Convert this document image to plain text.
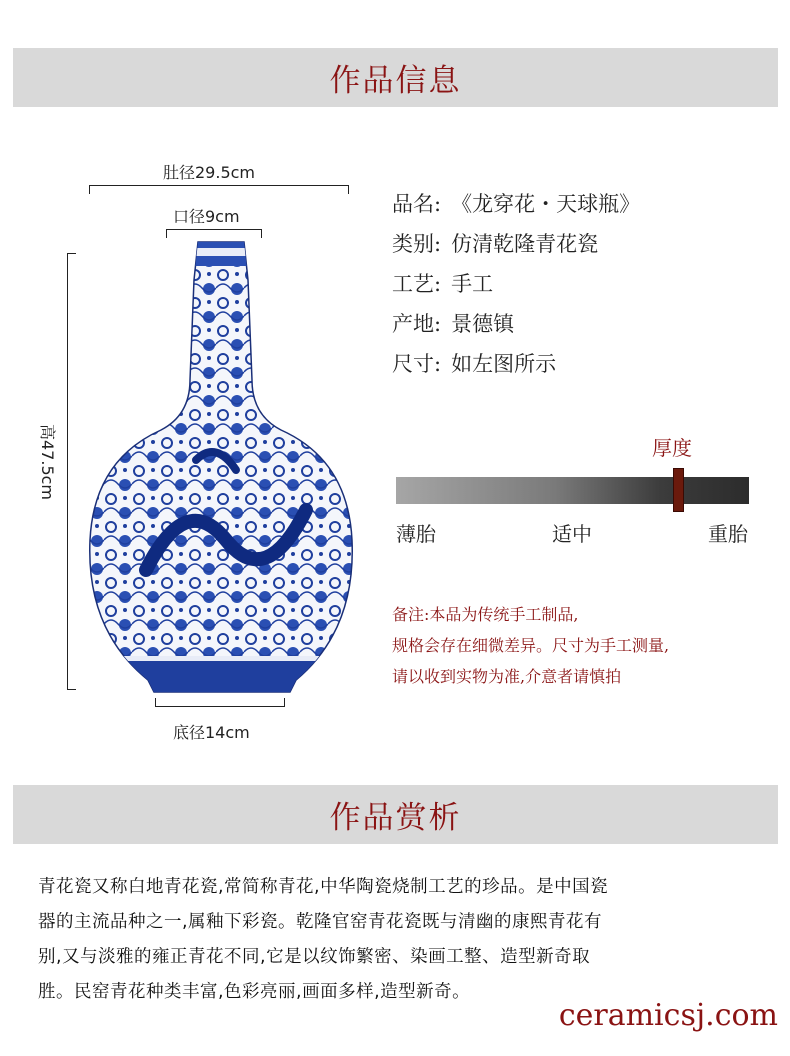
作品信息
肚径29.5cm
口径9cm
高47.5cm
底径14cm
品名: 《龙穿花・天球瓶》
类别: 仿清乾隆青花瓷
工艺: 手工
产地: 景德镇
尺寸: 如左图所示
厚度
薄胎	适中	重胎
备注:本品为传统手工制品,
规格会存在细微差异。尺寸为手工测量,
请以收到实物为准,介意者请慎拍
作品赏析
青花瓷又称白地青花瓷,常简称青花,中华陶瓷烧制工艺的珍品。是中国瓷
器的主流品种之一,属釉下彩瓷。乾隆官窑青花瓷既与清幽的康熙青花有
别,又与淡雅的雍正青花不同,它是以纹饰繁密、染画工整、造型新奇取
胜。民窑青花种类丰富,色彩亮丽,画面多样,造型新奇。
ceramicsj.com
